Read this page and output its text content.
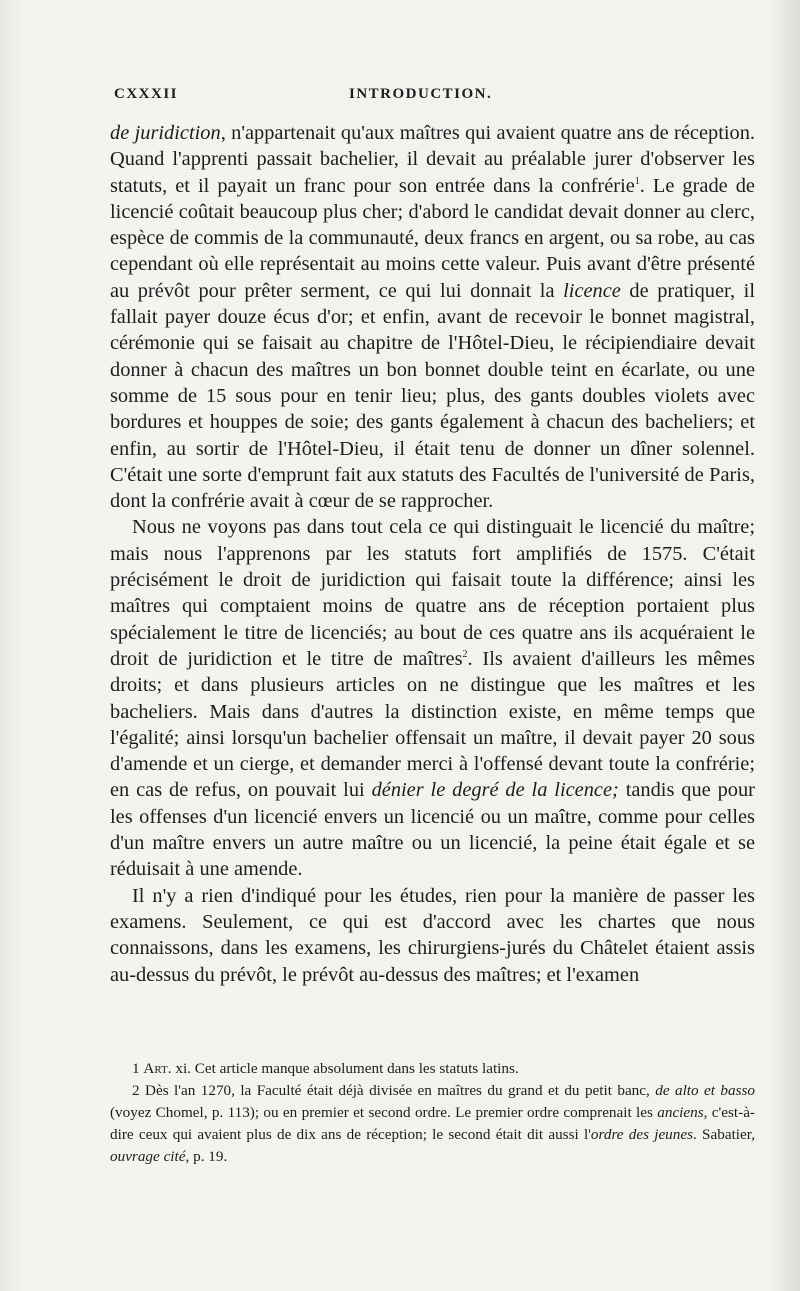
CXXXII	INTRODUCTION.

de juridiction, n'appartenait qu'aux maîtres qui avaient quatre ans de réception. Quand l'apprenti passait bachelier, il devait au préalable jurer d'observer les statuts, et il payait un franc pour son entrée dans la confrérie$^1$. Le grade de licencié coûtait beaucoup plus cher; d'abord le candidat devait donner au clerc, espèce de commis de la communauté, deux francs en argent, ou sa robe, au cas cependant où elle représentait au moins cette valeur. Puis avant d'être présenté au prévôt pour prêter serment, ce qui lui donnait la licence de pratiquer, il fallait payer douze écus d'or; et enfin, avant de recevoir le bonnet magistral, cérémonie qui se faisait au chapitre de l'Hôtel-Dieu, le récipiendiaire devait donner à chacun des maîtres un bon bonnet double teint en écarlate, ou une somme de 15 sous pour en tenir lieu; plus, des gants doubles violets avec bordures et houppes de soie; des gants également à chacun des bacheliers; et enfin, au sortir de l'Hôtel-Dieu, il était tenu de donner un dîner solennel. C'était une sorte d'emprunt fait aux statuts des Facultés de l'université de Paris, dont la confrérie avait à cœur de se rapprocher.

Nous ne voyons pas dans tout cela ce qui distinguait le licencié du maître; mais nous l'apprenons par les statuts fort amplifiés de 1575. C'était précisément le droit de juridiction qui faisait toute la différence; ainsi les maîtres qui comptaient moins de quatre ans de réception portaient plus spécialement le titre de licenciés; au bout de ces quatre ans ils acquéraient le droit de juridiction et le titre de maîtres$^2$. Ils avaient d'ailleurs les mêmes droits; et dans plusieurs articles on ne distingue que les maîtres et les bacheliers. Mais dans d'autres la distinction existe, en même temps que l'égalité; ainsi lorsqu'un bachelier offensait un maître, il devait payer 20 sous d'amende et un cierge, et demander merci à l'offensé devant toute la confrérie; en cas de refus, on pouvait lui dénier le degré de la licence; tandis que pour les offenses d'un licencié envers un licencié ou un maître, comme pour celles d'un maître envers un autre maître ou un licencié, la peine était égale et se réduisait à une amende.

Il n'y a rien d'indiqué pour les études, rien pour la manière de passer les examens. Seulement, ce qui est d'accord avec les chartes que nous connaissons, dans les examens, les chirurgiens-jurés du Châtelet étaient assis au-dessus du prévôt, le prévôt au-dessus des maîtres; et l'examen

1 Art. xi. Cet article manque absolument dans les statuts latins.

2 Dès l'an 1270, la Faculté était déjà divisée en maîtres du grand et du petit banc, de alto et basso (voyez Chomel, p. 113); ou en premier et second ordre. Le premier ordre comprenait les anciens, c'est-à-dire ceux qui avaient plus de dix ans de réception; le second était dit aussi l'ordre des jeunes. Sabatier, ouvrage cité, p. 19.
